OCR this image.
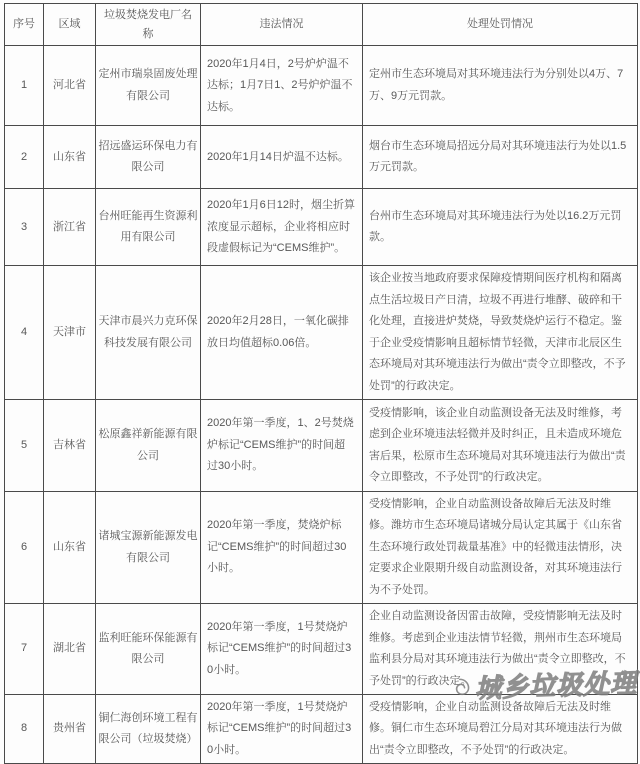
序号	区域	垃圾焚烧发电厂名称	违法情况	处理处罚情况
1	河北省	定州市瑞泉固废处理有限公司	2020年1月4日，2号炉炉温不达标；1月7日1、2号炉炉温不达标。	定州市生态环境局对其环境违法行为分别处以4万、7万、9万元罚款。
2	山东省	招远盛运环保电力有限公司	2020年1月14日炉温不达标。	烟台市生态环境局招远分局对其环境违法行为处以1.5万元罚款。
3	浙江省	台州旺能再生资源利用有限公司	2020年1月6日12时，烟尘折算浓度显示超标，企业将相应时段虚假标记为“CEMS维护”。	台州市生态环境局对其环境违法行为处以16.2万元罚款。
4	天津市	天津市晨兴力克环保科技发展有限公司	2020年2月28日，一氧化碳排放日均值超标0.06倍。	该企业按当地政府要求保障疫情期间医疗机构和隔离点生活垃圾日产日清，垃圾不再进行堆酵、破碎和干化处理，直接进炉焚烧，导致焚烧炉运行不稳定。鉴于企业受疫情影响且超标情节轻微，天津市北辰区生态环境局对其环境违法行为做出“责令立即整改，不予处罚”的行政决定。
5	吉林省	松原鑫祥新能源有限公司	2020年第一季度，1、2号焚烧炉标记“CEMS维护”的时间超过30小时。	受疫情影响，该企业自动监测设备无法及时维修，考虑到企业环境违法轻微并及时纠正，且未造成环境危害后果，松原市生态环境局对其环境违法行为做出“责令立即整改，不予处罚”的行政决定。
6	山东省	诸城宝源新能源发电有限公司	2020年第一季度，焚烧炉标记“CEMS维护”的时间超过30小时。	受疫情影响，企业自动监测设备故障后无法及时维修。潍坊市生态环境局诸城分局认定其属于《山东省生态环境行政处罚裁量基准》中的轻微违法情形，决定要求企业限期升级自动监测设备，对其环境违法行为不予处罚。
7	湖北省	监利旺能环保能源有限公司	2020年第一季度，1号焚烧炉标记“CEMS维护”的时间超过30小时。	企业自动监测设备因雷击故障，受疫情影响无法及时维修。考虑到企业违法情节轻微，荆州市生态环境局监利县分局对其环境违法行为做出“责令立即整改，不予处罚”的行政决定。
8	贵州省	铜仁海创环境工程有限公司（垃圾焚烧）	2020年第一季度，1号焚烧炉标记“CEMS维护”的时间超过30小时。	受疫情影响，企业自动监测设备故障后无法及时维修。铜仁市生态环境局碧江分局对其环境违法行为做出“责令立即整改，不予处罚”的行政决定。
城乡垃圾处理
